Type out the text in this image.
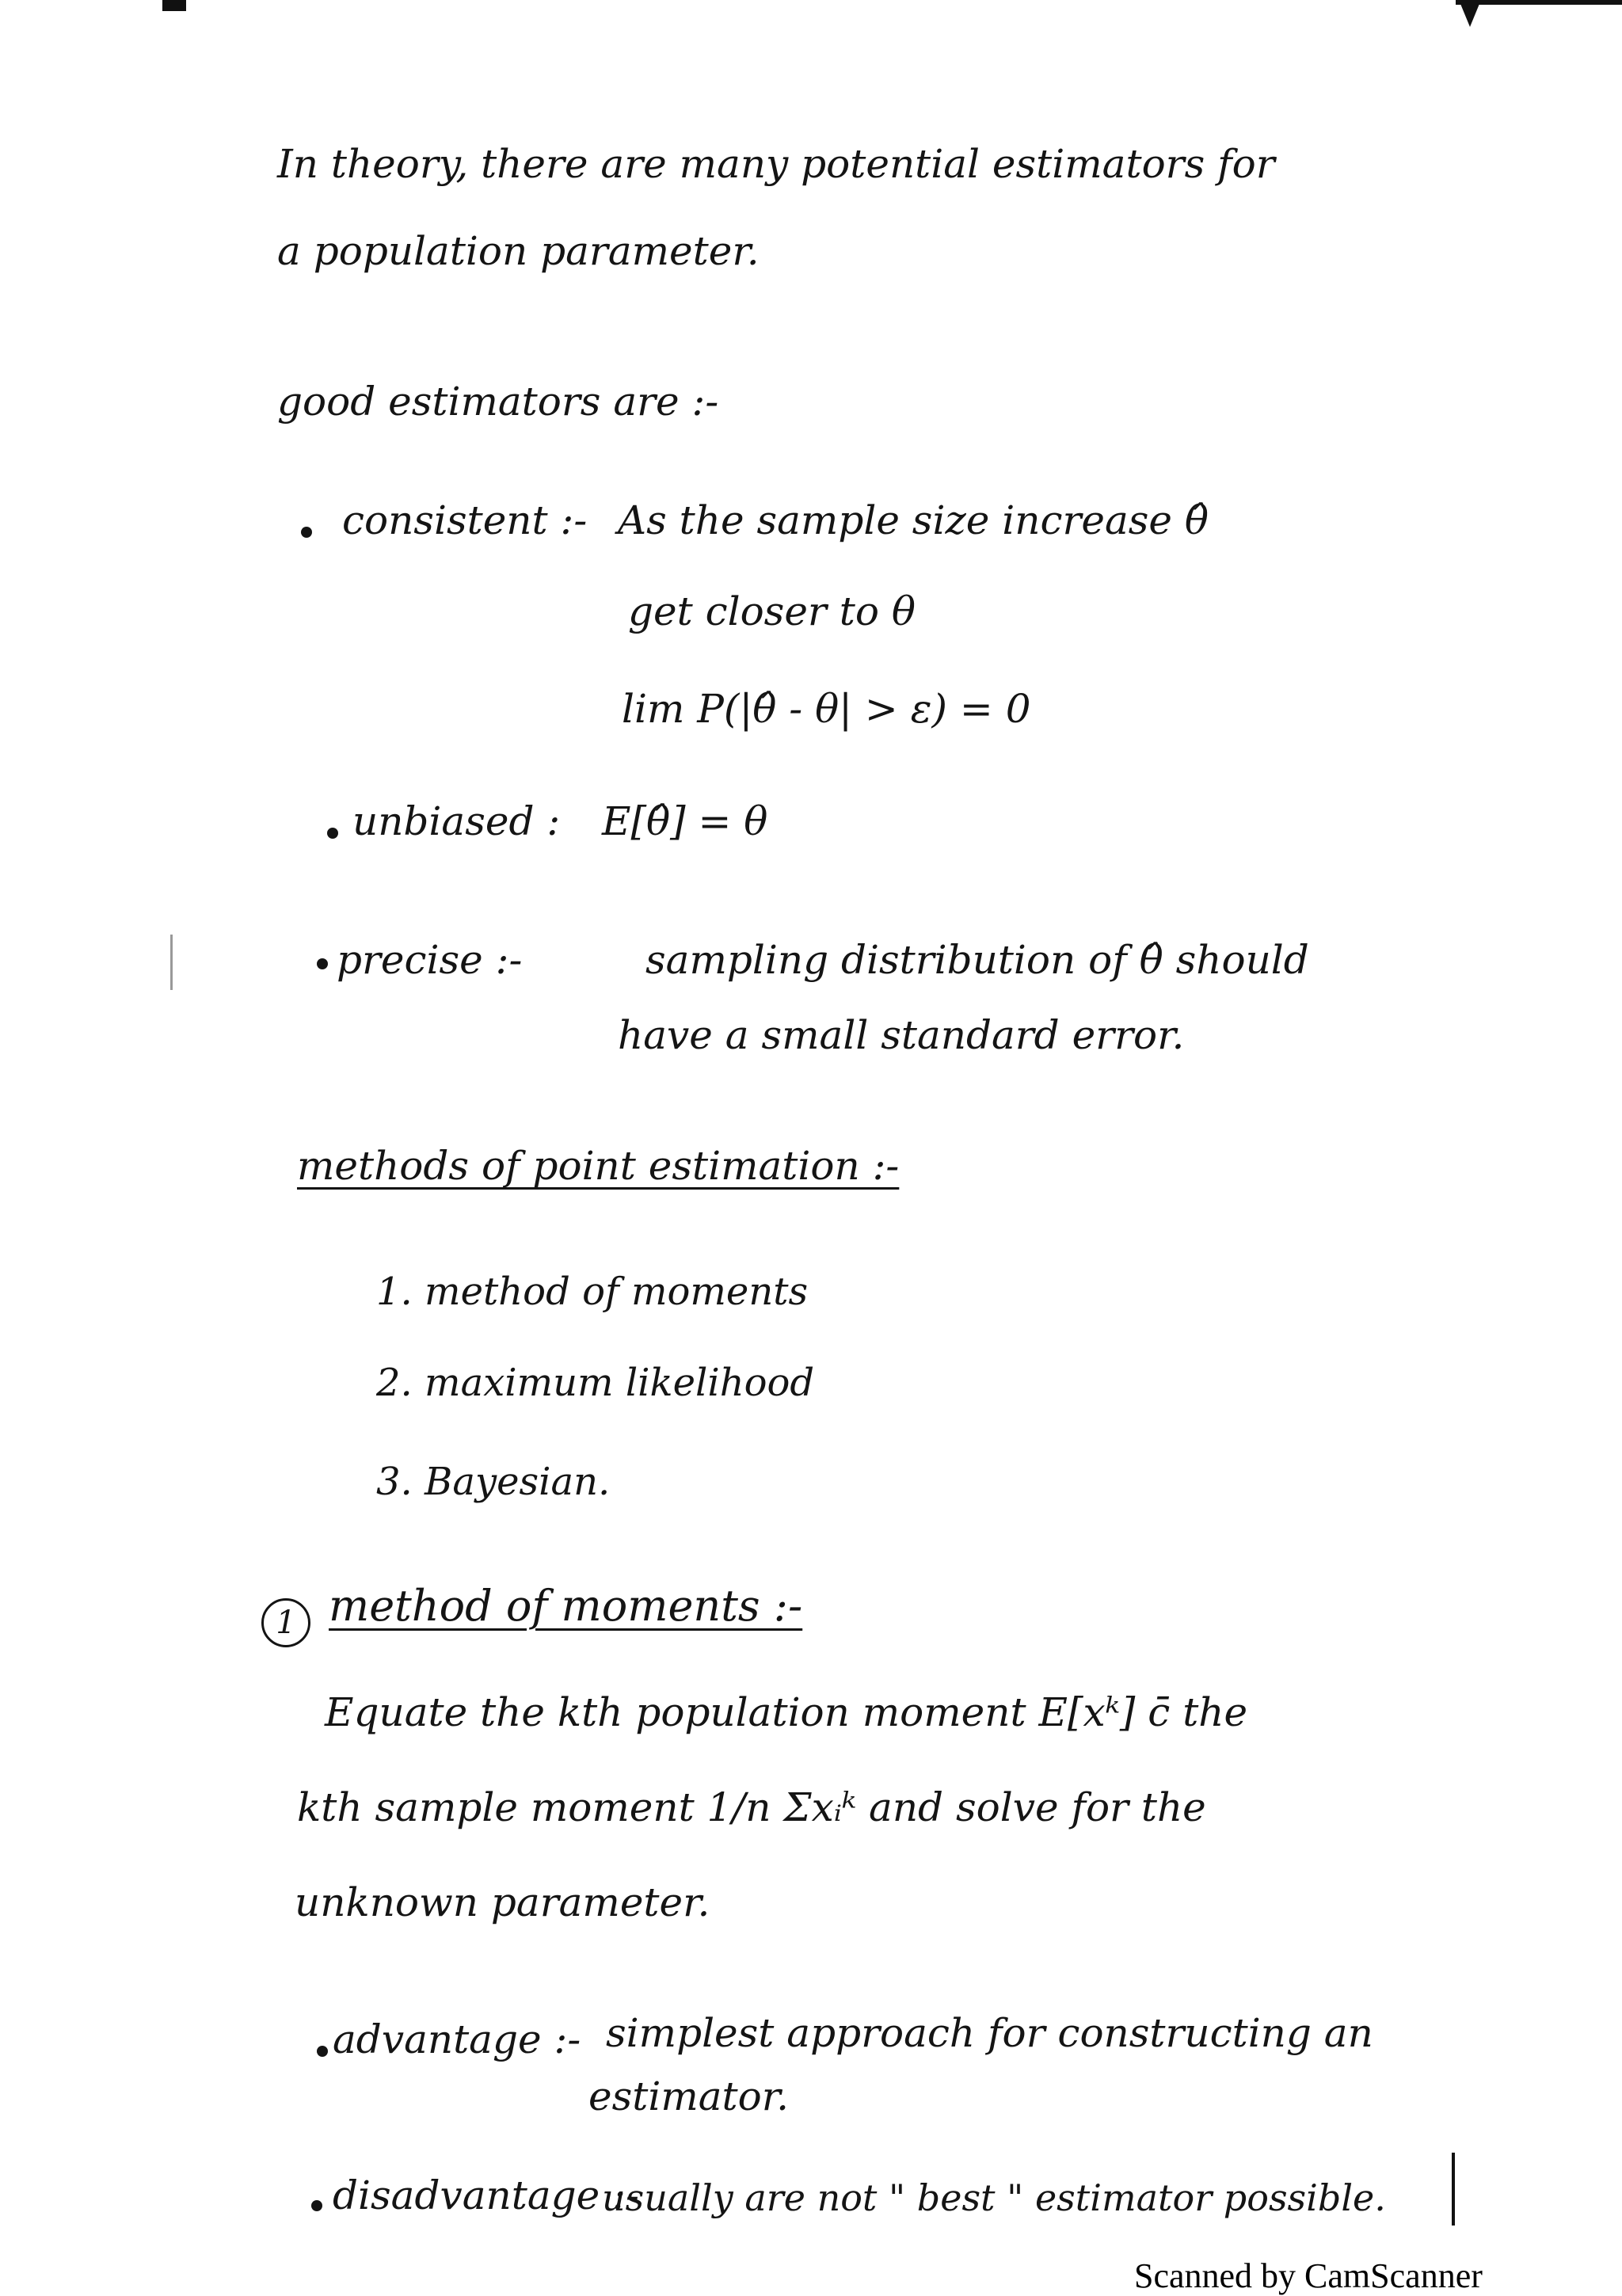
In theory, there are many potential estimators for
a population parameter.
good estimators are :-
consistent :- As the sample size increase θ̂
get closer to θ
lim P(|θ̂ - θ| > ε) = 0
unbiased : E[θ̂] = θ
precise :-	sampling distribution of θ̂ should
have a small standard error.
methods of point estimation :-
1. method of moments
2. maximum likelihood
3. Bayesian.
1 method of moments :-
Equate the kth population moment E[xᵏ] c̄ the
kth sample moment 1/n Σxᵢᵏ and solve for the
unknown parameter.
advantage :- simplest approach for constructing an
estimator.
disadvantage :-
usually are not " best " estimator possible.
Scanned by CamScanner
